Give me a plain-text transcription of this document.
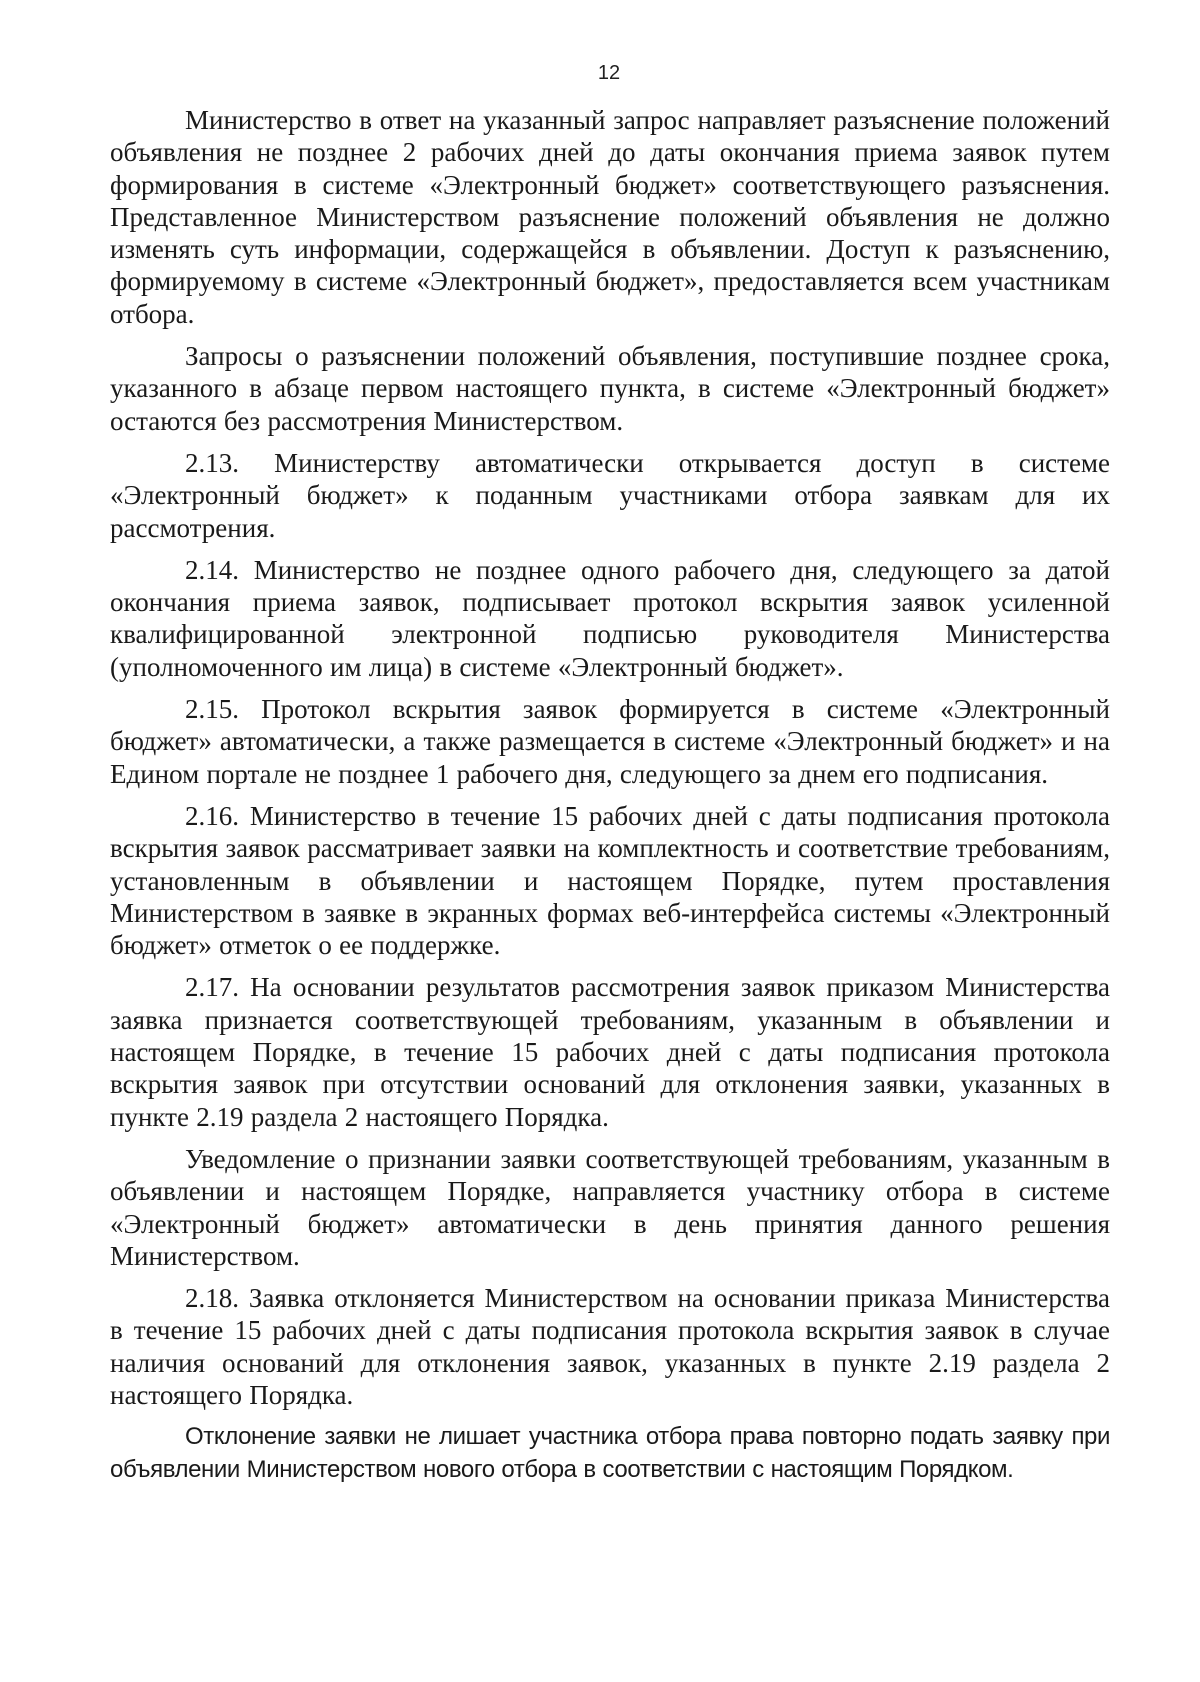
12

Министерство в ответ на указанный запрос направляет разъяснение положений объявления не позднее 2 рабочих дней до даты окончания приема заявок путем формирования в системе «Электронный бюджет» соответствующего разъяснения. Представленное Министерством разъяснение положений объявления не должно изменять суть информации, содержащейся в объявлении. Доступ к разъяснению, формируемому в системе «Электронный бюджет», предоставляется всем участникам отбора.

Запросы о разъяснении положений объявления, поступившие позднее срока, указанного в абзаце первом настоящего пункта, в системе «Электронный бюджет» остаются без рассмотрения Министерством.

2.13. Министерству автоматически открывается доступ в системе «Электронный бюджет» к поданным участниками отбора заявкам для их рассмотрения.

2.14. Министерство не позднее одного рабочего дня, следующего за датой окончания приема заявок, подписывает протокол вскрытия заявок усиленной квалифицированной электронной подписью руководителя Министерства (уполномоченного им лица) в системе «Электронный бюджет».

2.15. Протокол вскрытия заявок формируется в системе «Электронный бюджет» автоматически, а также размещается в системе «Электронный бюджет» и на Едином портале не позднее 1 рабочего дня, следующего за днем его подписания.

2.16. Министерство в течение 15 рабочих дней с даты подписания протокола вскрытия заявок рассматривает заявки на комплектность и соответствие требованиям, установленным в объявлении и настоящем Порядке, путем проставления Министерством в заявке в экранных формах веб-интерфейса системы «Электронный бюджет» отметок о ее поддержке.

2.17. На основании результатов рассмотрения заявок приказом Министерства заявка признается соответствующей требованиям, указанным в объявлении и настоящем Порядке, в течение 15 рабочих дней с даты подписания протокола вскрытия заявок при отсутствии оснований для отклонения заявки, указанных в пункте 2.19 раздела 2 настоящего Порядка.

Уведомление о признании заявки соответствующей требованиям, указанным в объявлении и настоящем Порядке, направляется участнику отбора в системе «Электронный бюджет» автоматически в день принятия данного решения Министерством.

2.18. Заявка отклоняется Министерством на основании приказа Министерства в течение 15 рабочих дней с даты подписания протокола вскрытия заявок в случае наличия оснований для отклонения заявок, указанных в пункте 2.19 раздела 2 настоящего Порядка.

Отклонение заявки не лишает участника отбора права повторно подать заявку при объявлении Министерством нового отбора в соответствии с настоящим Порядком.
